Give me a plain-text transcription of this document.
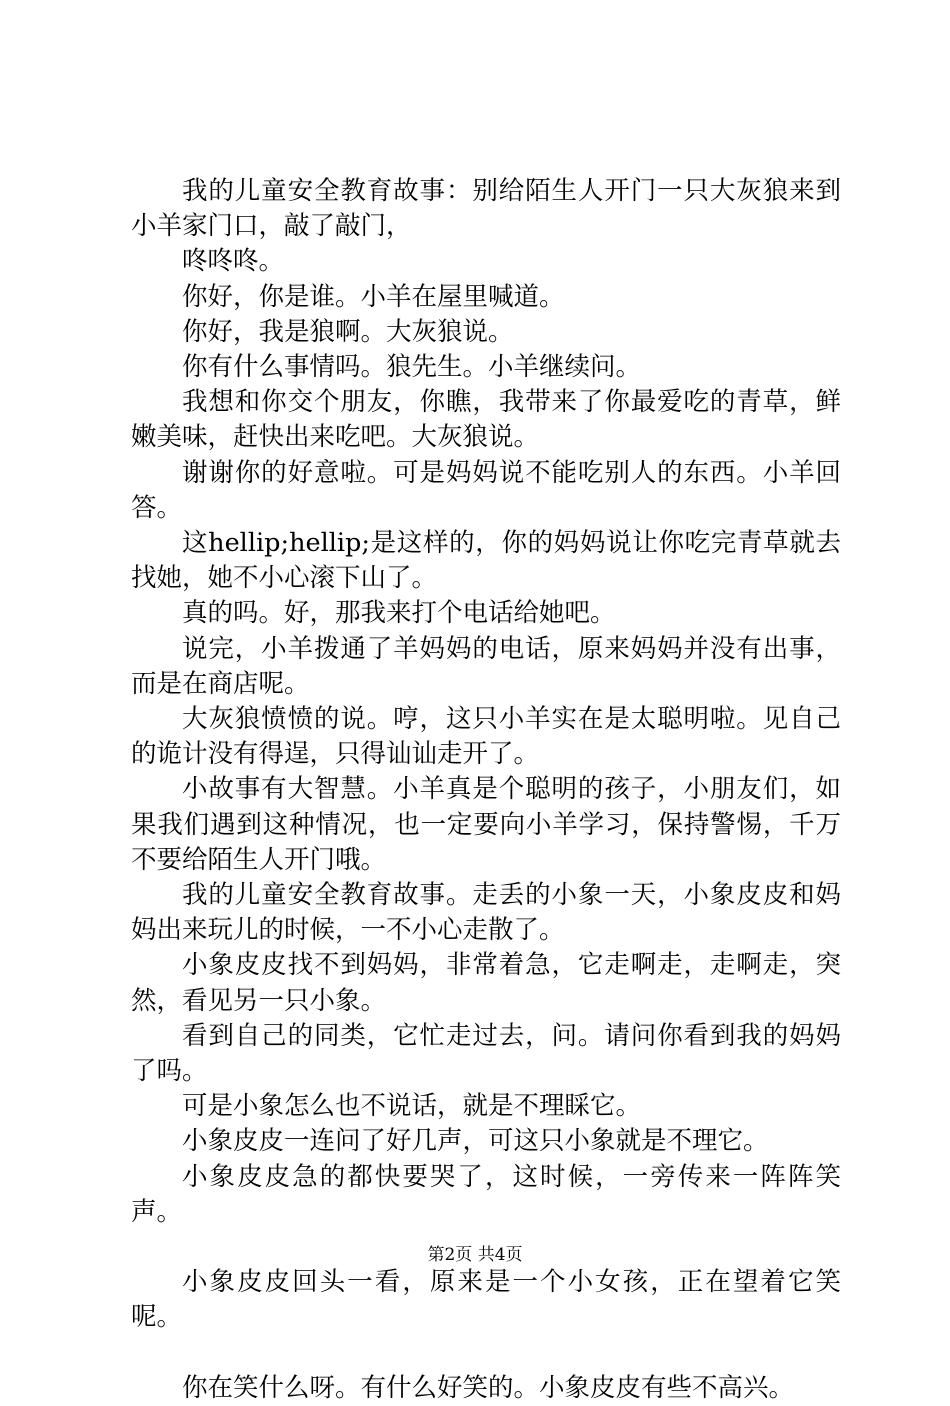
我的儿童安全教育故事：别给陌生人开门一只大灰狼来到小羊家门口，敲了敲门，

咚咚咚。

你好，你是谁。小羊在屋里喊道。

你好，我是狼啊。大灰狼说。

你有什么事情吗。狼先生。小羊继续问。

我想和你交个朋友，你瞧，我带来了你最爱吃的青草，鲜嫩美味，赶快出来吃吧。大灰狼说。

谢谢你的好意啦。可是妈妈说不能吃别人的东西。小羊回答。

这hellip;hellip;是这样的，你的妈妈说让你吃完青草就去找她，她不小心滚下山了。

真的吗。好，那我来打个电话给她吧。

说完，小羊拨通了羊妈妈的电话，原来妈妈并没有出事，而是在商店呢。

大灰狼愤愤的说。哼，这只小羊实在是太聪明啦。见自己的诡计没有得逞，只得讪讪走开了。

小故事有大智慧。小羊真是个聪明的孩子，小朋友们，如果我们遇到这种情况，也一定要向小羊学习，保持警惕，千万不要给陌生人开门哦。

我的儿童安全教育故事。走丢的小象一天，小象皮皮和妈妈出来玩儿的时候，一不小心走散了。

小象皮皮找不到妈妈，非常着急，它走啊走，走啊走，突然，看见另一只小象。

看到自己的同类，它忙走过去，问。请问你看到我的妈妈了吗。

可是小象怎么也不说话，就是不理睬它。

小象皮皮一连问了好几声，可这只小象就是不理它。

小象皮皮急的都快要哭了，这时候，一旁传来一阵阵笑声。

小象皮皮回头一看，原来是一个小女孩，正在望着它笑呢。

你在笑什么呀。有什么好笑的。小象皮皮有些不高兴。

第2页 共4页
